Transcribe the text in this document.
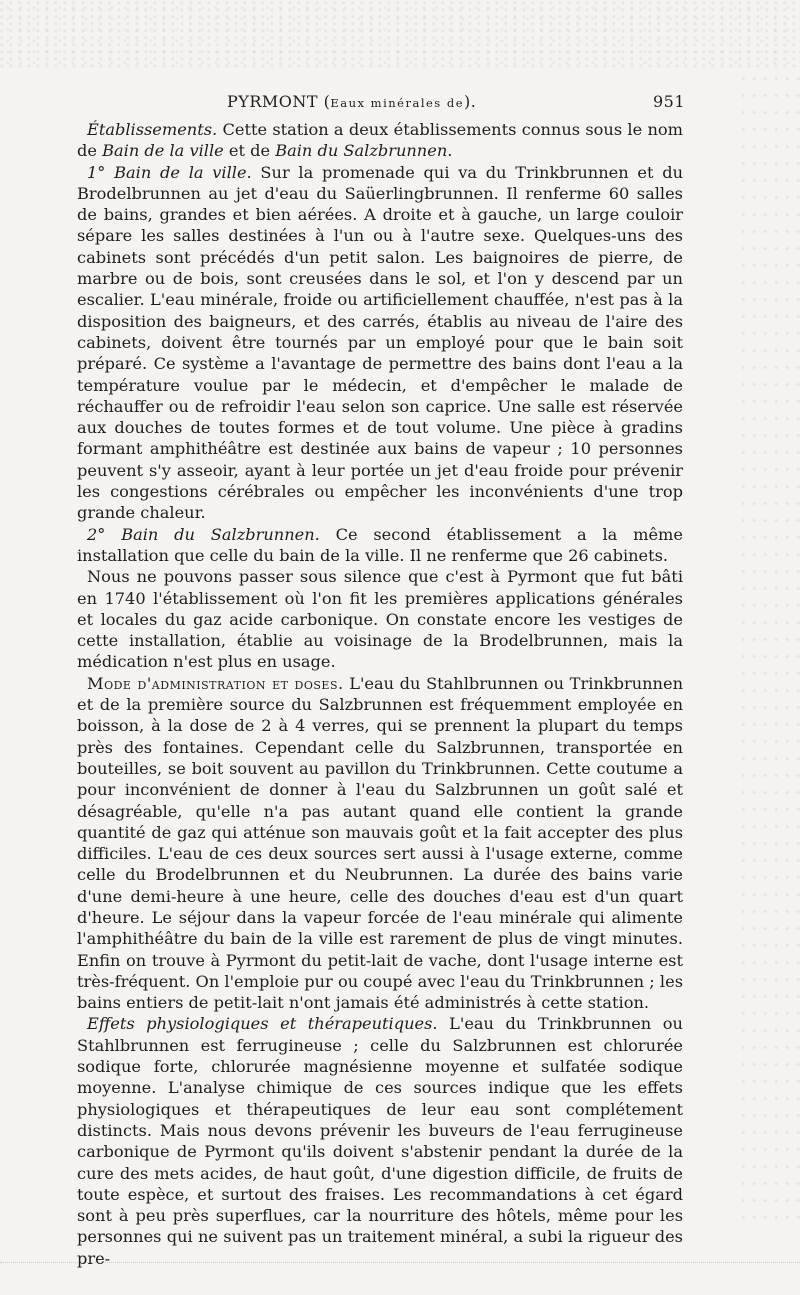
PYRMONT (Eaux minérales de).	951

Établissements. Cette station a deux établissements connus sous le nom de Bain de la ville et de Bain du Salzbrunnen.

1° Bain de la ville. Sur la promenade qui va du Trinkbrunnen et du Brodelbrunnen au jet d'eau du Saüerlingbrunnen. Il renferme 60 salles de bains, grandes et bien aérées. A droite et à gauche, un large couloir sépare les salles destinées à l'un ou à l'autre sexe. Quelques-uns des cabinets sont précédés d'un petit salon. Les baignoires de pierre, de marbre ou de bois, sont creusées dans le sol, et l'on y descend par un escalier. L'eau minérale, froide ou artificiellement chauffée, n'est pas à la disposition des baigneurs, et des carrés, établis au niveau de l'aire des cabinets, doivent être tournés par un employé pour que le bain soit préparé. Ce système a l'avantage de permettre des bains dont l'eau a la température voulue par le médecin, et d'empêcher le malade de réchauffer ou de refroidir l'eau selon son caprice. Une salle est réservée aux douches de toutes formes et de tout volume. Une pièce à gradins formant amphithéâtre est destinée aux bains de vapeur ; 10 personnes peuvent s'y asseoir, ayant à leur portée un jet d'eau froide pour prévenir les congestions cérébrales ou empêcher les inconvénients d'une trop grande chaleur.

2° Bain du Salzbrunnen. Ce second établissement a la même installation que celle du bain de la ville. Il ne renferme que 26 cabinets.

Nous ne pouvons passer sous silence que c'est à Pyrmont que fut bâti en 1740 l'établissement où l'on fit les premières applications générales et locales du gaz acide carbonique. On constate encore les vestiges de cette installation, établie au voisinage de la Brodelbrunnen, mais la médication n'est plus en usage.

Mode d'administration et doses. L'eau du Stahlbrunnen ou Trinkbrunnen et de la première source du Salzbrunnen est fréquemment employée en boisson, à la dose de 2 à 4 verres, qui se prennent la plupart du temps près des fontaines. Cependant celle du Salzbrunnen, transportée en bouteilles, se boit souvent au pavillon du Trinkbrunnen. Cette coutume a pour inconvénient de donner à l'eau du Salzbrunnen un goût salé et désagréable, qu'elle n'a pas autant quand elle contient la grande quantité de gaz qui atténue son mauvais goût et la fait accepter des plus difficiles. L'eau de ces deux sources sert aussi à l'usage externe, comme celle du Brodelbrunnen et du Neubrunnen. La durée des bains varie d'une demi-heure à une heure, celle des douches d'eau est d'un quart d'heure. Le séjour dans la vapeur forcée de l'eau minérale qui alimente l'amphithéâtre du bain de la ville est rarement de plus de vingt minutes. Enfin on trouve à Pyrmont du petit-lait de vache, dont l'usage interne est très-fréquent. On l'emploie pur ou coupé avec l'eau du Trinkbrunnen ; les bains entiers de petit-lait n'ont jamais été administrés à cette station.

Effets physiologiques et thérapeutiques. L'eau du Trinkbrunnen ou Stahlbrunnen est ferrugineuse ; celle du Salzbrunnen est chlorurée sodique forte, chlorurée magnésienne moyenne et sulfatée sodique moyenne. L'analyse chimique de ces sources indique que les effets physiologiques et thérapeutiques de leur eau sont complétement distincts. Mais nous devons prévenir les buveurs de l'eau ferrugineuse carbonique de Pyrmont qu'ils doivent s'abstenir pendant la durée de la cure des mets acides, de haut goût, d'une digestion difficile, de fruits de toute espèce, et surtout des fraises. Les recommandations à cet égard sont à peu près superflues, car la nourriture des hôtels, même pour les personnes qui ne suivent pas un traitement minéral, a subi la rigueur des pre-
